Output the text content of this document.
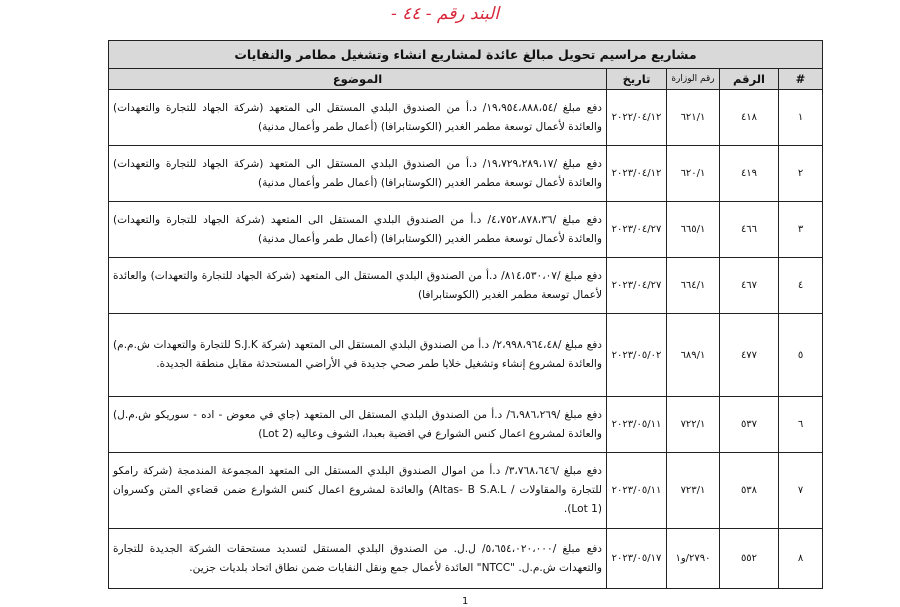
البند رقم - ٤٤ -
مشاريع مراسيم تحويل مبالغ عائدة لمشاريع انشاء وتشغيل مطامر والنفايات				
#	الرقم	رقم الوزارة	تاريخ	الموضوع
١	٤١٨	٦٢١/١	٢٠٢٢/٠٤/١٢	دفع مبلغ /١٩،٩٥٤،٨٨٨،٥٤/ د.أ من الصندوق البلدي المستقل الى المتعهد (شركة الجهاد للتجارة والتعهدات) والعائدة لأعمال توسعة مطمر الغدير (الكوستابرافا) (أعمال طمر وأعمال مدنية)
٢	٤١٩	٦٢٠/١	٢٠٢٣/٠٤/١٢	دفع مبلغ /١٩،٧٢٩،٢٨٩،١٧/ د.أ من الصندوق البلدي المستقل الى المتعهد (شركة الجهاد للتجارة والتعهدات) والعائدة لأعمال توسعة مطمر الغدير (الكوستابرافا) (أعمال طمر وأعمال مدنية)
٣	٤٦٦	٦٦٥/١	٢٠٢٣/٠٤/٢٧	دفع مبلغ /٤،٧٥٢،٨٧٨،٣٦/ د.أ من الصندوق البلدي المستقل الى المتعهد (شركة الجهاد للتجارة والتعهدات) والعائدة لأعمال توسعة مطمر الغدير (الكوستابرافا) (أعمال طمر وأعمال مدنية)
٤	٤٦٧	٦٦٤/١	٢٠٢٣/٠٤/٢٧	دفع مبلغ /٨١٤،٥٣٠،٠٧/ د.أ من الصندوق البلدي المستقل الى المتعهد (شركة الجهاد للتجارة والتعهدات) والعائدة لأعمال توسعة مطمر الغدير (الكوستابرافا)
٥	٤٧٧	٦٨٩/١	٢٠٢٣/٠٥/٠٢	دفع مبلغ /٢،٩٩٨،٩٦٤،٤٨/ د.أ من الصندوق البلدي المستقل الى المتعهد (شركة S.J.K للتجارة والتعهدات ش.م.م) والعائدة لمشروع إنشاء وتشغيل خلايا طمر صحي جديدة في الأراضي المستحدثة مقابل منطقة الجديدة.
٦	٥٣٧	٧٢٢/١	٢٠٢٣/٠٥/١١	دفع مبلغ /٦،٩٨٦،٢٦٩/ د.أ من الصندوق البلدي المستقل الى المتعهد (جاي في معوض - اده - سوريكو ش.م.ل) والعائدة لمشروع اعمال كنس الشوارع في اقضية بعبدا، الشوف وعاليه (Lot 2)
٧	٥٣٨	٧٢٣/١	٢٠٢٣/٠٥/١١	دفع مبلغ /٣،٧٦٨،٦٤٦/ د.أ من اموال الصندوق البلدي المستقل الى المتعهد المجموعة المندمجة (شركة رامكو للتجارة والمقاولات / Altas- B S.A.L) والعائدة لمشروع اعمال كنس الشوارع ضمن قضاءي المتن وكسروان (Lot 1).
٨	٥٥٢	٢٧٩٠/و١	٢٠٢٣/٠٥/١٧	دفع مبلغ /٥،٦٥٤،٠٢٠،٠٠٠/ ل.ل. من الصندوق البلدي المستقل لتسديد مستحقات الشركة الجديدة للتجارة والتعهدات ش.م.ل. "NTCC" العائدة لأعمال جمع ونقل النفايات ضمن نطاق اتحاد بلديات جزين.
1
